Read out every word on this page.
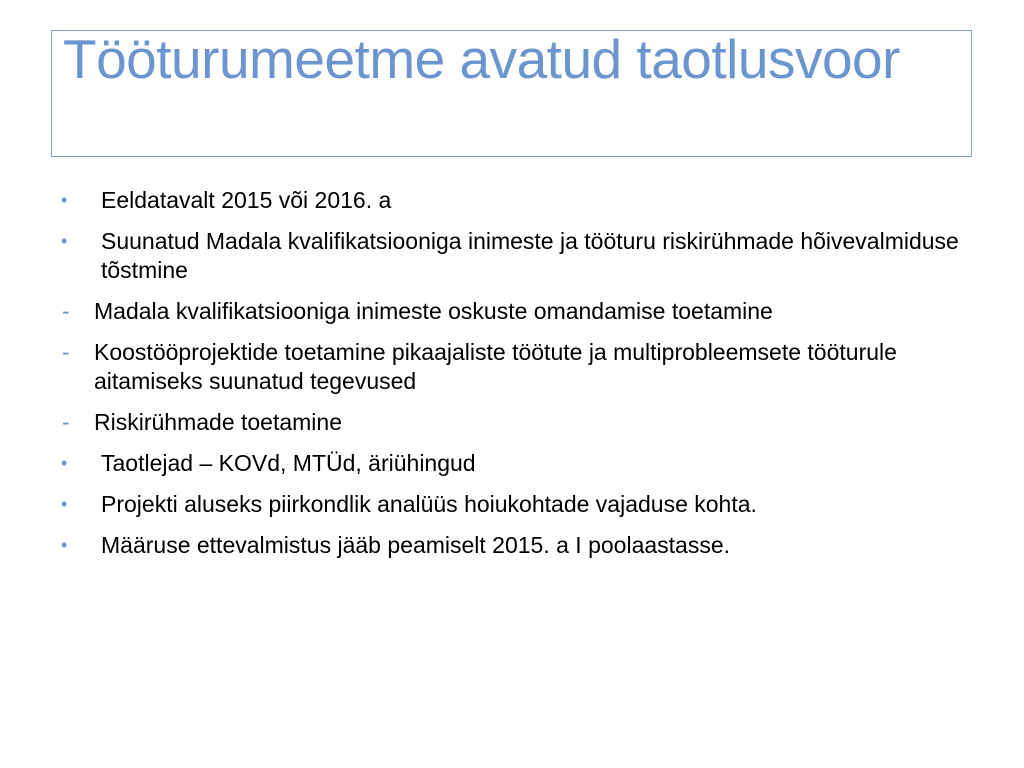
Tööturumeetme avatud taotlusvoor
• Eeldatavalt 2015 või 2016. a
• Suunatud Madala kvalifikatsiooniga inimeste ja tööturu riskirühmade hõivevalmiduse tõstmine
- Madala kvalifikatsiooniga inimeste oskuste omandamise toetamine
- Koostööprojektide toetamine pikaajaliste töötute ja multiprobleemsete tööturule aitamiseks suunatud tegevused
- Riskirühmade toetamine
• Taotlejad – KOVd, MTÜd, äriühingud
• Projekti aluseks piirkondlik analüüs hoiukohtade vajaduse kohta.
• Määruse ettevalmistus jääb peamiselt 2015. a I poolaastasse.
